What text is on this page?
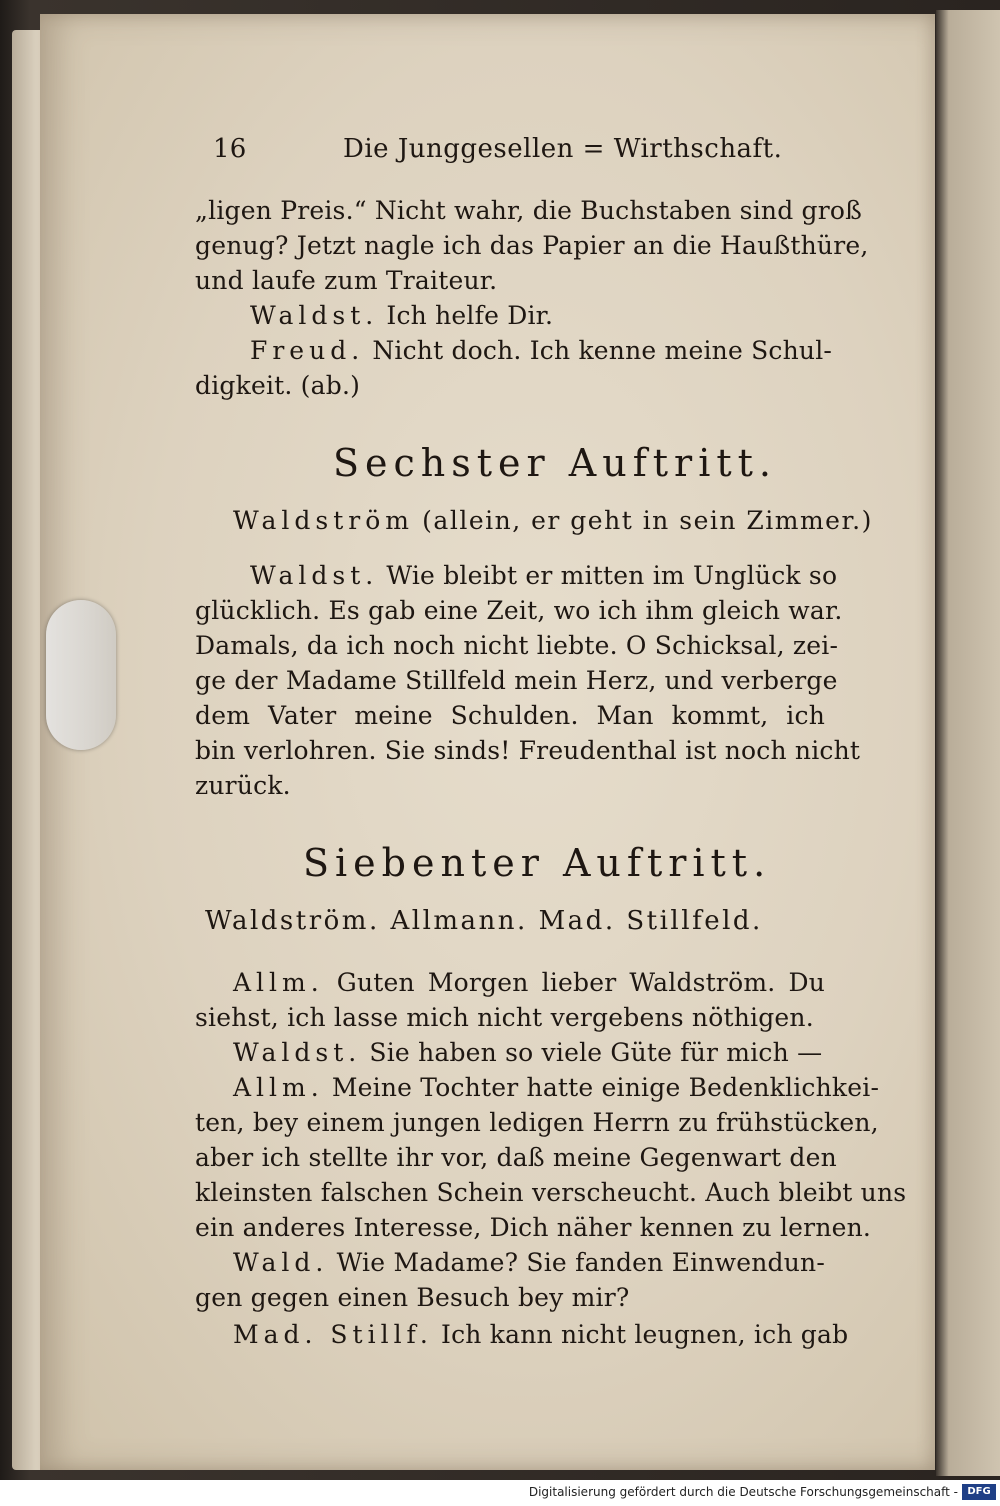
16	Die Junggesellen = Wirthschaft.
„ligen Preis.“ Nicht wahr, die Buchstaben sind groß
genug? Jetzt nagle ich das Papier an die Haußthüre,
und laufe zum Traiteur.
Waldst. Ich helfe Dir.
Freud. Nicht doch. Ich kenne meine Schul-
digkeit. (ab.)
Sechster Auftritt.
Waldström (allein, er geht in sein Zimmer.)
Waldst. Wie bleibt er mitten im Unglück so
glücklich. Es gab eine Zeit, wo ich ihm gleich war.
Damals, da ich noch nicht liebte. O Schicksal, zei-
ge der Madame Stillfeld mein Herz, und verberge
dem Vater meine Schulden. Man kommt, ich
bin verlohren. Sie sinds! Freudenthal ist noch nicht
zurück.
Siebenter Auftritt.
Waldström. Allmann. Mad. Stillfeld.
Allm. Guten Morgen lieber Waldström. Du
siehst, ich lasse mich nicht vergebens nöthigen.
Waldst. Sie haben so viele Güte für mich —
Allm. Meine Tochter hatte einige Bedenklichkei-
ten, bey einem jungen ledigen Herrn zu frühstücken,
aber ich stellte ihr vor, daß meine Gegenwart den
kleinsten falschen Schein verscheucht. Auch bleibt uns
ein anderes Interesse, Dich näher kennen zu lernen.
Wald. Wie Madame? Sie fanden Einwendun-
gen gegen einen Besuch bey mir?
Mad. Stillf. Ich kann nicht leugnen, ich gab
Digitalisierung gefördert durch die Deutsche Forschungsgemeinschaft - DFG
